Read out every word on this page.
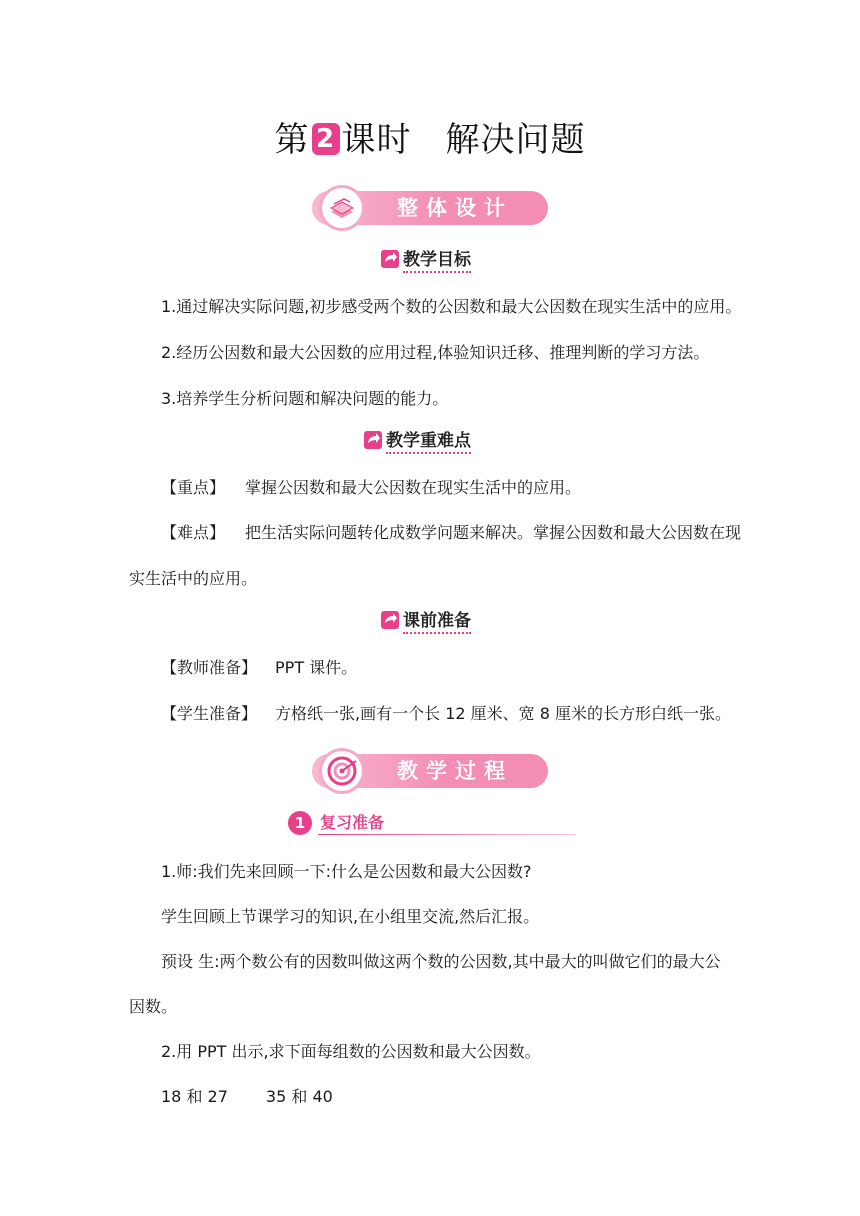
第 2 课时 解决问题
整体设计
教学目标
1.通过解决实际问题,初步感受两个数的公因数和最大公因数在现实生活中的应用。
2.经历公因数和最大公因数的应用过程,体验知识迁移、推理判断的学习方法。
3.培养学生分析问题和解决问题的能力。
教学重难点
【重点】 掌握公因数和最大公因数在现实生活中的应用。
【难点】 把生活实际问题转化成数学问题来解决。掌握公因数和最大公因数在现
实生活中的应用。
课前准备
【教师准备】 PPT 课件。
【学生准备】 方格纸一张,画有一个长 12 厘米、宽 8 厘米的长方形白纸一张。
教学过程
1 复习准备
1.师:我们先来回顾一下:什么是公因数和最大公因数?
学生回顾上节课学习的知识,在小组里交流,然后汇报。
预设 生:两个数公有的因数叫做这两个数的公因数,其中最大的叫做它们的最大公
因数。
2.用 PPT 出示,求下面每组数的公因数和最大公因数。
18 和 27 35 和 40
